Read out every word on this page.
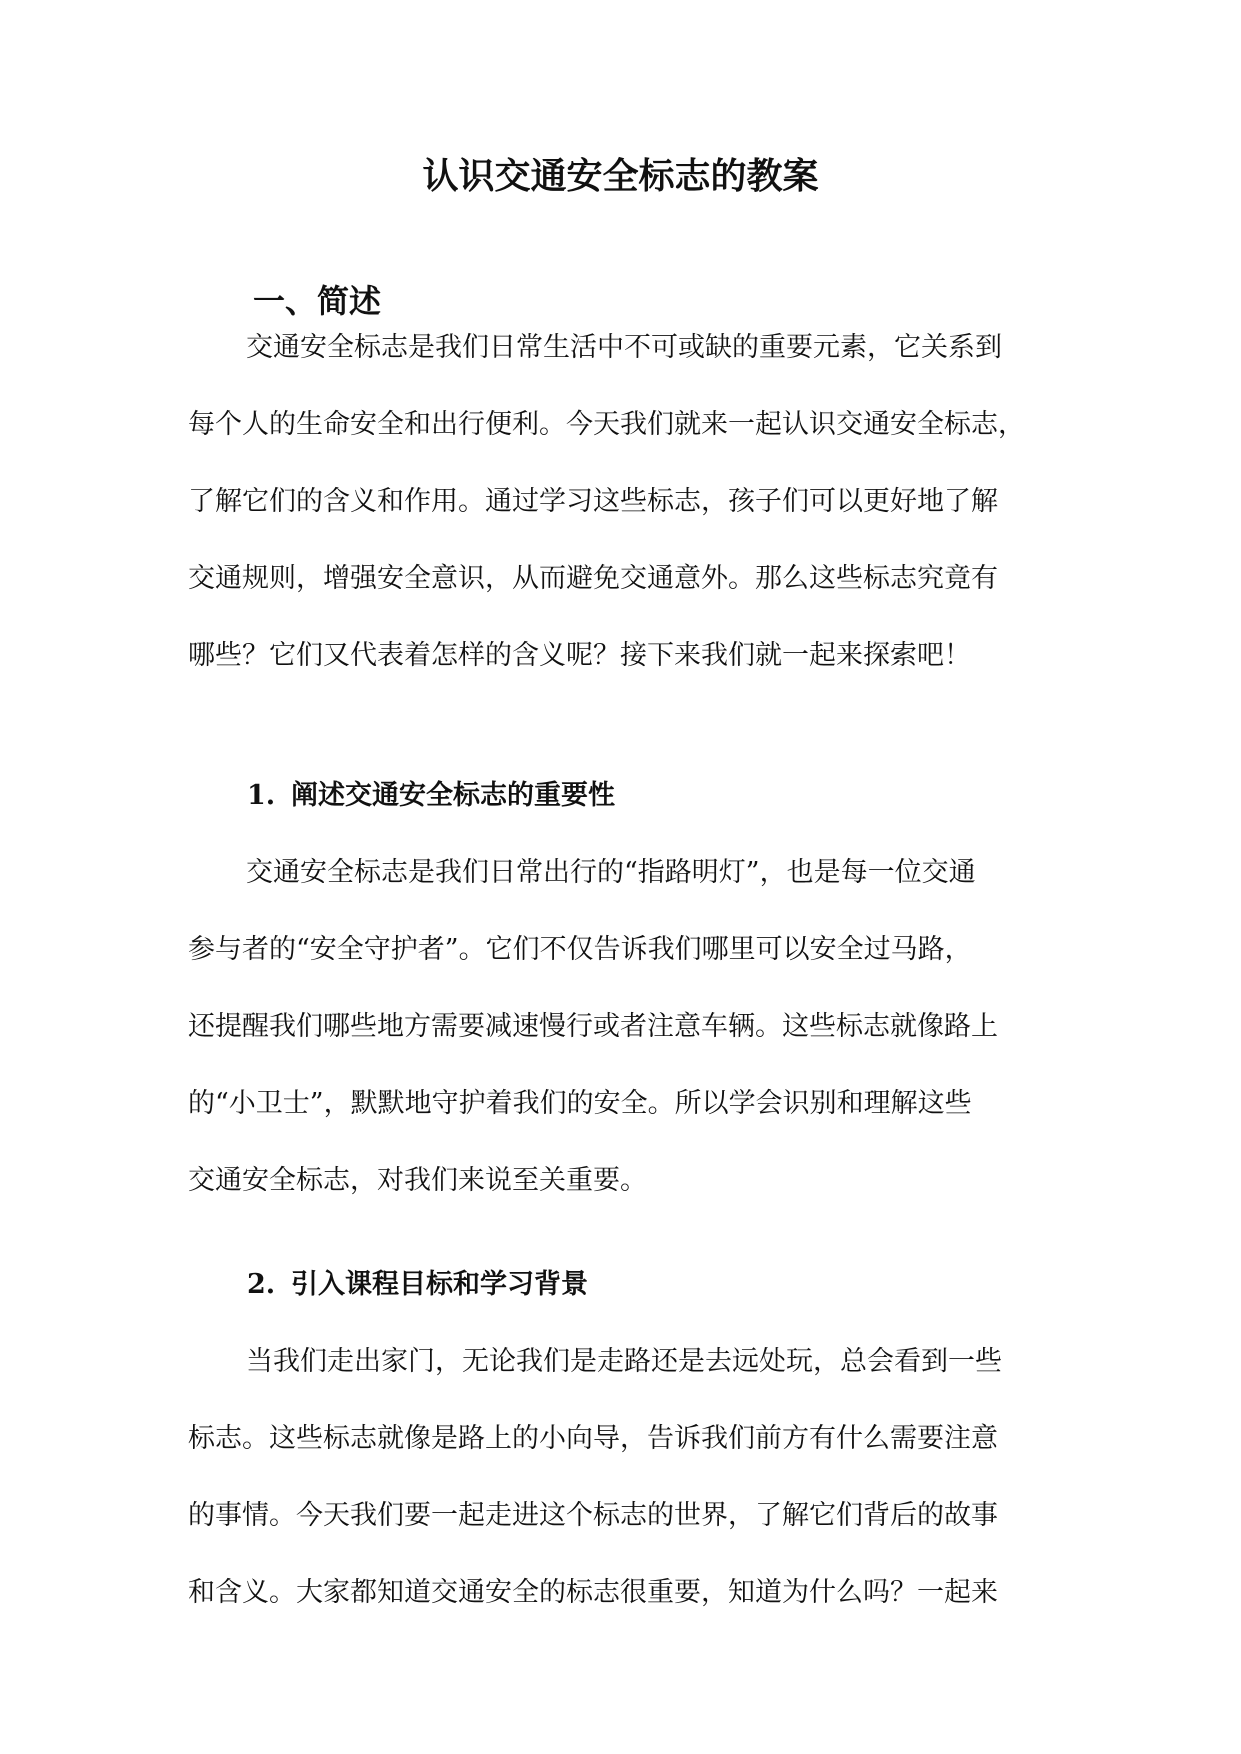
认识交通安全标志的教案
一、简述
交通安全标志是我们日常生活中不可或缺的重要元素，它关系到
每个人的生命安全和出行便利。今天我们就来一起认识交通安全标志，
了解它们的含义和作用。通过学习这些标志，孩子们可以更好地了解
交通规则，增强安全意识，从而避免交通意外。那么这些标志究竟有
哪些？它们又代表着怎样的含义呢？接下来我们就一起来探索吧！
1. 阐述交通安全标志的重要性
交通安全标志是我们日常出行的“指路明灯”，也是每一位交通
参与者的“安全守护者”。它们不仅告诉我们哪里可以安全过马路，
还提醒我们哪些地方需要减速慢行或者注意车辆。这些标志就像路上
的“小卫士”，默默地守护着我们的安全。所以学会识别和理解这些
交通安全标志，对我们来说至关重要。
2. 引入课程目标和学习背景
当我们走出家门，无论我们是走路还是去远处玩，总会看到一些
标志。这些标志就像是路上的小向导，告诉我们前方有什么需要注意
的事情。今天我们要一起走进这个标志的世界，了解它们背后的故事
和含义。大家都知道交通安全的标志很重要，知道为什么吗？一起来
